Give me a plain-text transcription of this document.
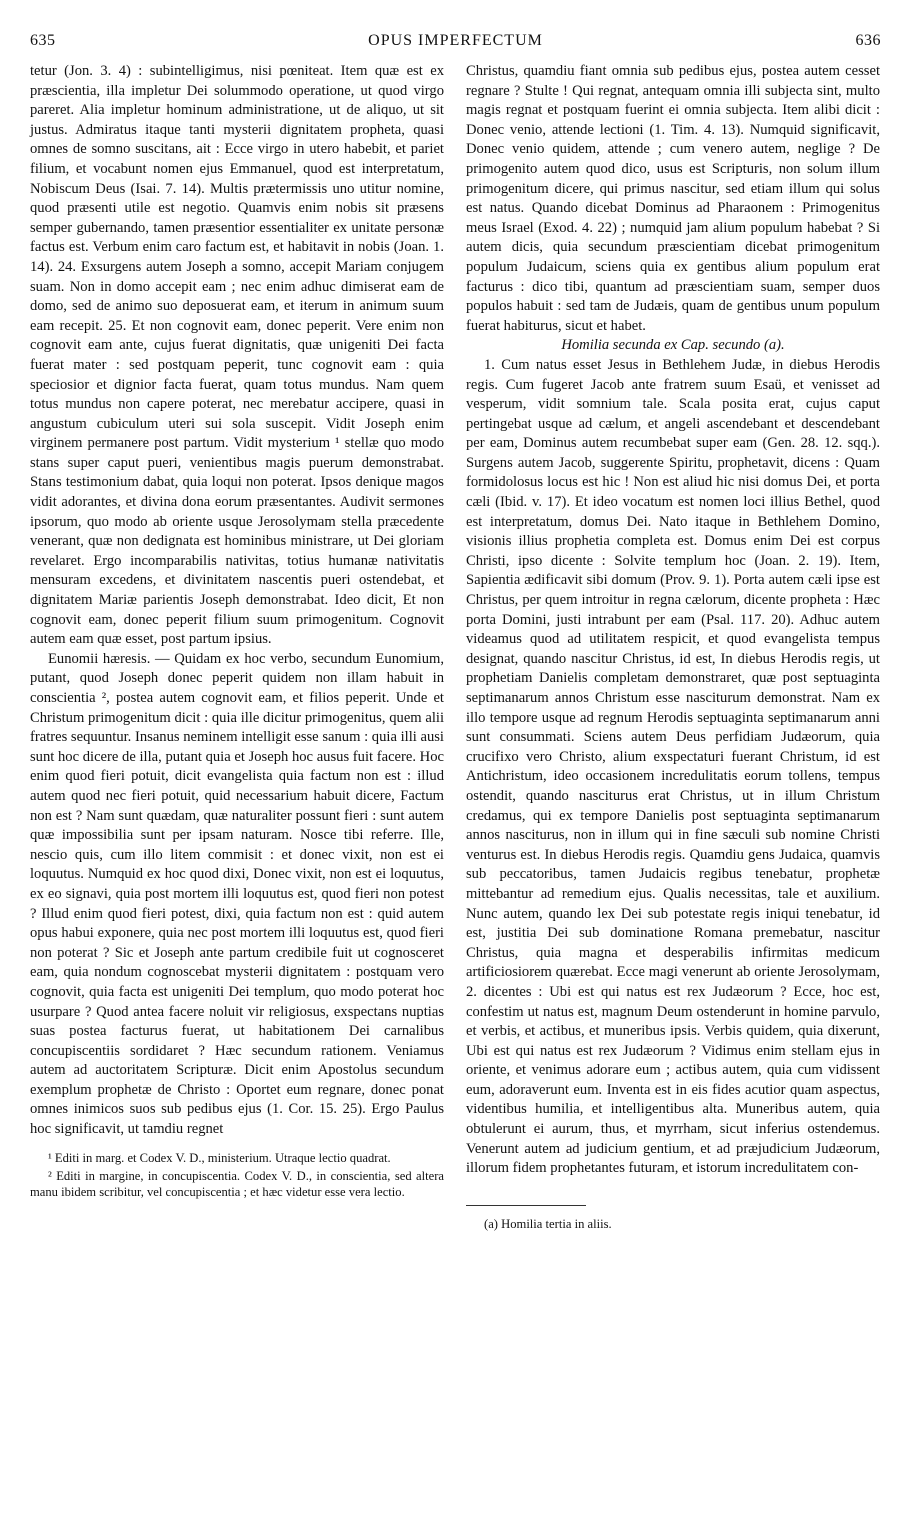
635	OPUS IMPERFECTUM	636

tetur (Jon. 3. 4) : subintelligimus, nisi pœniteat. Item quæ est ex præscientia, illa impletur Dei solummodo operatione, ut quod virgo pareret. Alia impletur hominum administratione, ut de aliquo, ut sit justus. Admiratus itaque tanti mysterii dignitatem prophetа, quasi omnes de somno suscitans, ait : Ecce virgo in utero habebit, et pariet filium, et vocabunt nomen ejus Emmanuel, quod est interpretatum, Nobiscum Deus (Isai. 7. 14). Multis prætermissis uno utitur nomine, quod præsenti utile est negotio. Quamvis enim nobis sit præsens semper gubernando, tamen præsentior essentialiter ex unitate personæ factus est. Verbum enim caro factum est, et habitavit in nobis (Joan. 1. 14). 24. Exsurgens autem Joseph a somno, accepit Mariam conjugem suam. Non in domo accepit eam ; nec enim adhuc dimiserat eam de domo, sed de animo suo deposuerat eam, et iterum in animum suum eam recepit. 25. Et non cognovit eam, donec peperit. Vere enim non cognovit eam ante, cujus fuerat dignitatis, quæ unigeniti Dei facta fuerat mater : sed postquam peperit, tunc cognovit eam : quia speciosior et dignior facta fuerat, quam totus mundus. Nam quem totus mundus non capere poterat, nec merebatur accipere, quasi in angustum cubiculum uteri sui sola suscepit. Vidit Joseph enim virginem permanere post partum. Vidit mysterium ¹ stellæ quo modo stans super caput pueri, venientibus magis puerum demonstrabat. Stans testimonium dabat, quia loqui non poterat. Ipsos denique magos vidit adorantes, et divina dona eorum præsentantes. Audivit sermones ipsorum, quo modo ab oriente usque Jerosolymam stella præcedente venerant, quæ non dedignata est hominibus ministrare, ut Dei gloriam revelaret. Ergo incomparabilis nativitas, totius humanæ nativitatis mensuram excedens, et divinitatem nascentis pueri ostendebat, et dignitatem Mariæ parientis Joseph demonstrabat. Ideo dicit, Et non cognovit eam, donec peperit filium suum primogenitum. Cognovit autem eam quæ esset, post partum ipsius.

Eunomii hæresis. — Quidam ex hoc verbo, secundum Eunomium, putant, quod Joseph donec peperit quidem non illam habuit in conscientia ², postea autem cognovit eam, et filios peperit. Unde et Christum primogenitum dicit : quia ille dicitur primogenitus, quem alii fratres sequuntur. Insanus neminem intelligit esse sanum : quia illi ausi sunt hoc dicere de illa, putant quia et Joseph hoc ausus fuit facere. Hoc enim quod fieri potuit, dicit evangelista quia factum non est : illud autem quod nec fieri potuit, quid necessarium habuit dicere, Factum non est ? Nam sunt quædam, quæ naturaliter possunt fieri : sunt autem quæ impossibilia sunt per ipsam naturam. Nosce tibi referre. Ille, nescio quis, cum illo litem commisit : et donec vixit, non est ei loquutus. Numquid ex hoc quod dixi, Donec vixit, non est ei loquutus, ex eo signavi, quia post mortem illi loquutus est, quod fieri non potest ? Illud enim quod fieri potest, dixi, quia factum non est : quid autem opus habui exponere, quia nec post mortem illi loquutus est, quod fieri non poterat ? Sic et Joseph ante partum credibile fuit ut cognosceret eam, quia nondum cognoscebat mysterii dignitatem : postquam vero cognovit, quia facta est unigeniti Dei templum, quo modo poterat hoc usurpare ? Quod antea facere noluit vir religiosus, exspectans nuptias suas postea facturus fuerat, ut habitationem Dei carnalibus concupiscentiis sordidaret ? Hæc secundum rationem. Veniamus autem ad auctoritatem Scripturæ. Dicit enim Apostolus secundum exemplum prophetæ de Christo : Oportet eum regnare, donec ponat omnes inimicos suos sub pedibus ejus (1. Cor. 15. 25). Ergo Paulus hoc significavit, ut tamdiu regnet

¹ Editi in marg. et Codex V. D., ministerium. Utraque lectio quadrat.

² Editi in margine, in concupiscentia. Codex V. D., in conscientia, sed altera manu ibidem scribitur, vel concupiscentia ; et hæc videtur esse vera lectio.

Christus, quamdiu fiant omnia sub pedibus ejus, postea autem cesset regnare ? Stulte ! Qui regnat, antequam omnia illi subjecta sint, multo magis regnat et postquam fuerint ei omnia subjecta. Item alibi dicit : Donec venio, attende lectioni (1. Tim. 4. 13). Numquid significavit, Donec venio quidem, attende ; cum venero autem, neglige ? De primogenito autem quod dico, usus est Scripturis, non solum illum primogenitum dicere, qui primus nascitur, sed etiam illum qui solus est natus. Quando dicebat Dominus ad Pharaonem : Primogenitus meus Israel (Exod. 4. 22) ; numquid jam alium populum habebat ? Si autem dicis, quia secundum præscientiam dicebat primogenitum populum Judaicum, sciens quia ex gentibus alium populum erat facturus : dico tibi, quantum ad præscientiam suam, semper duos populos habuit : sed tam de Judæis, quam de gentibus unum populum fuerat habiturus, sicut et habet.

Homilia secunda ex Cap. secundo (a).

1. Cum natus esset Jesus in Bethlehem Judæ, in diebus Herodis regis. Cum fugeret Jacob ante fratrem suum Esaü, et venisset ad vesperum, vidit somnium tale. Scala posita erat, cujus caput pertingebat usque ad cælum, et angeli ascendebant et descendebant per eam, Dominus autem recumbebat super eam (Gen. 28. 12. sqq.). Surgens autem Jacob, suggerente Spiritu, prophetavit, dicens : Quam formidolosus locus est hic ! Non est aliud hic nisi domus Dei, et porta cæli (Ibid. v. 17). Et ideo vocatum est nomen loci illius Bethel, quod est interpretatum, domus Dei. Nato itaque in Bethlehem Domino, visionis illius prophetia completa est. Domus enim Dei est corpus Christi, ipso dicente : Solvite templum hoc (Joan. 2. 19). Item, Sapientia ædificavit sibi domum (Prov. 9. 1). Porta autem cæli ipse est Christus, per quem introitur in regna cælorum, dicente propheta : Hæc porta Domini, justi intrabunt per eam (Psal. 117. 20). Adhuc autem videamus quod ad utilitatem respicit, et quod evangelista tempus designat, quando nascitur Christus, id est, In diebus Herodis regis, ut prophetiam Danielis completam demonstraret, quæ post septuaginta septimanarum annos Christum esse nasciturum demonstrat. Nam ex illo tempore usque ad regnum Herodis septuaginta septimanarum anni sunt consummati. Sciens autem Deus perfidiam Judæorum, quia crucifixo vero Christo, alium exspectaturi fuerant Christum, id est Antichristum, ideo occasionem incredulitatis eorum tollens, tempus ostendit, quando nasciturus erat Christus, ut in illum Christum credamus, qui ex tempore Danielis post septuaginta septimanarum annos nasciturus, non in illum qui in fine sæculi sub nomine Christi venturus est. In diebus Herodis regis. Quamdiu gens Judaica, quamvis sub peccatoribus, tamen Judaicis regibus tenebatur, prophetæ mittebantur ad remedium ejus. Qualis necessitas, tale et auxilium. Nunc autem, quando lex Dei sub potestate regis iniqui tenebatur, id est, justitia Dei sub dominatione Romana premebatur, nascitur Christus, quia magna et desperabilis infirmitas medicum artificiosiorem quærebat. Ecce magi venerunt ab oriente Jerosolymam, 2. dicentes : Ubi est qui natus est rex Judæorum ? Ecce, hoc est, confestim ut natus est, magnum Deum ostenderunt in homine parvulo, et verbis, et actibus, et muneribus ipsis. Verbis quidem, quia dixerunt, Ubi est qui natus est rex Judæorum ? Vidimus enim stellam ejus in oriente, et venimus adorare eum ; actibus autem, quia cum vidissent eum, adoraverunt eum. Inventa est in eis fides acutior quam aspectus, videntibus humilia, et intelligentibus alta. Muneribus autem, quia obtulerunt ei aurum, thus, et myrrham, sicut inferius ostendemus. Venerunt autem ad judicium gentium, et ad præjudicium Judæorum, illorum fidem prophetantes futuram, et istorum incredulitatem con-

(a) Homilia tertia in aliis.
